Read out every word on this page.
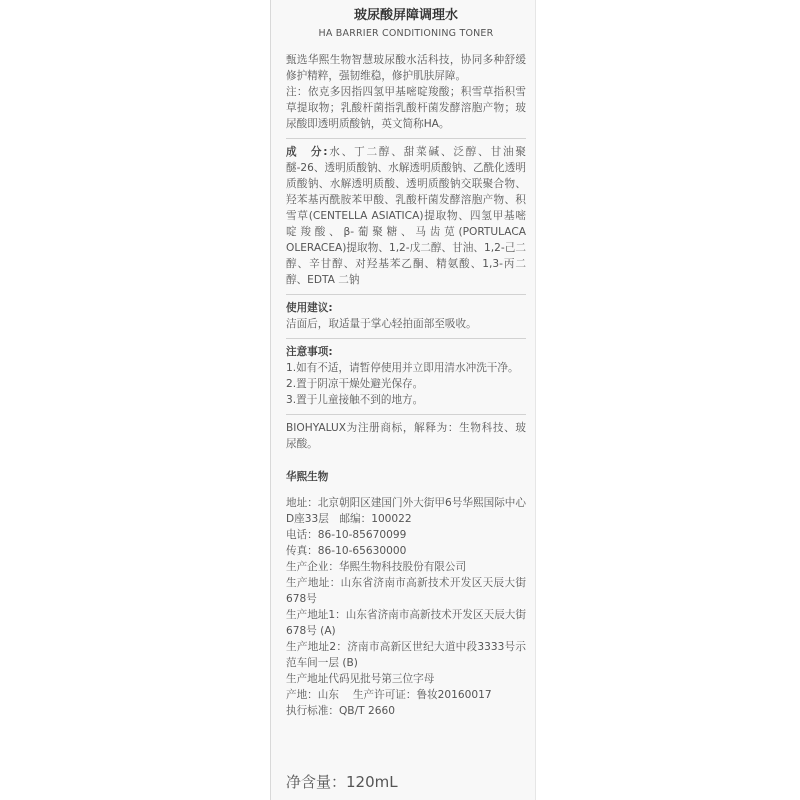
玻尿酸屏障调理水
HA BARRIER CONDITIONING TONER

甄选华熙生物智慧玻尿酸水活科技，协同多种舒缓修护精粹，强韧维稳，修护肌肤屏障。

注：依克多因指四氢甲基嘧啶羧酸；积雪草指积雪草提取物；乳酸杆菌指乳酸杆菌发酵溶胞产物；玻尿酸即透明质酸钠，英文简称HA。

成　分:水、丁二醇、甜菜碱、泛醇、甘油聚醚-26、透明质酸钠、水解透明质酸钠、乙酰化透明质酸钠、水解透明质酸、透明质酸钠交联聚合物、羟苯基丙酰胺苯甲酸、乳酸杆菌发酵溶胞产物、积雪草(CENTELLA ASIATICA)提取物、四氢甲基嘧啶羧酸、β-葡聚糖、马齿苋(PORTULACA OLERACEA)提取物、1,2-戊二醇、甘油、1,2-己二醇、辛甘醇、对羟基苯乙酮、精氨酸、1,3-丙二醇、EDTA 二钠

使用建议:

洁面后，取适量于掌心轻拍面部至吸收。

注意事项:

1.如有不适，请暂停使用并立即用清水冲洗干净。

2.置于阴凉干燥处避光保存。

3.置于儿童接触不到的地方。

BIOHYALUX为注册商标，解释为：生物科技、玻尿酸。

华熙生物

地址：北京朝阳区建国门外大街甲6号华熙国际中心D座33层　邮编：100022

电话：86-10-85670099

传真：86-10-65630000

生产企业：华熙生物科技股份有限公司

生产地址：山东省济南市高新技术开发区天辰大街678号

生产地址1：山东省济南市高新技术开发区天辰大街678号 (A)

生产地址2：济南市高新区世纪大道中段3333号示范车间一层 (B)

生产地址代码见批号第三位字母

产地：山东　 生产许可证：鲁妆20160017

执行标准：QB/T 2660

净含量：120mL
